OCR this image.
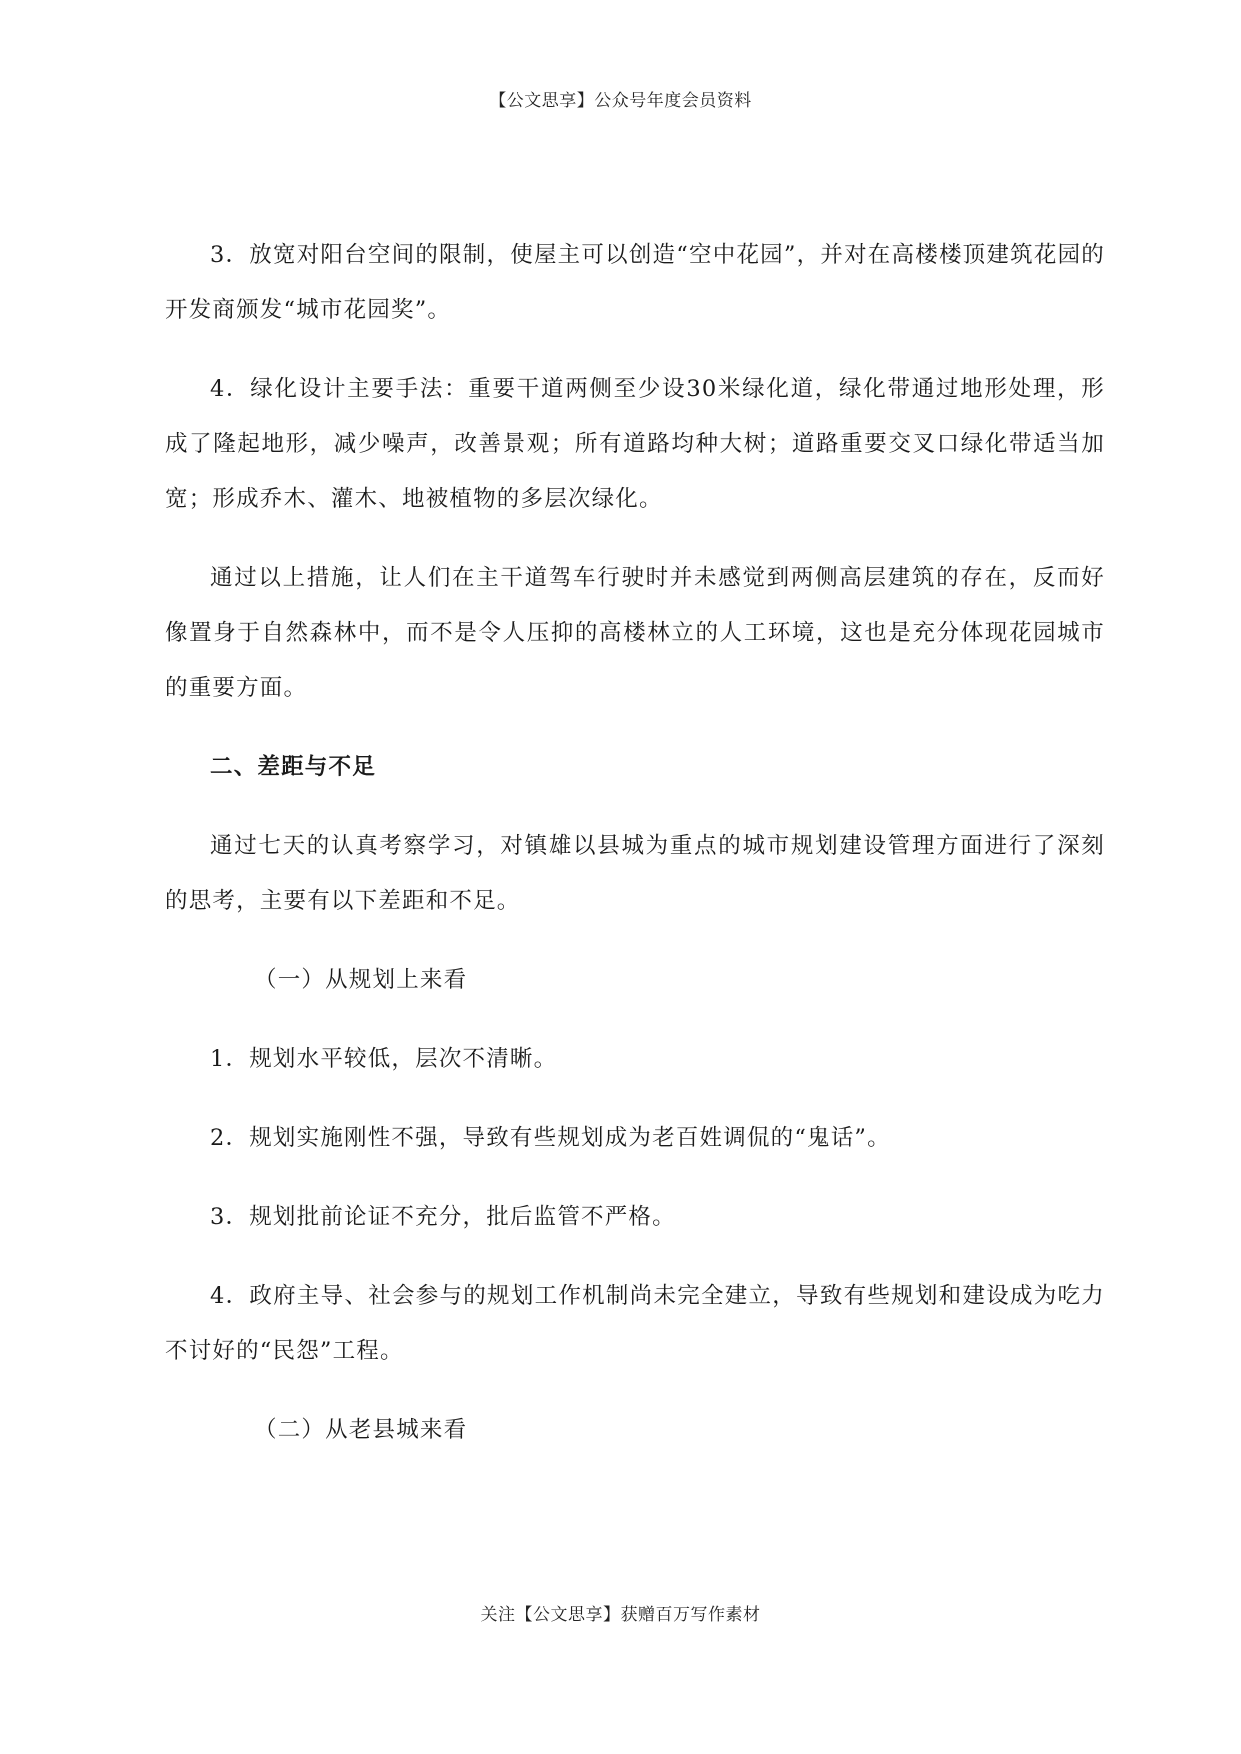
【公文思享】公众号年度会员资料

3．放宽对阳台空间的限制，使屋主可以创造“空中花园”，并对在高楼楼顶建筑花园的开发商颁发“城市花园奖”。

4．绿化设计主要手法：重要干道两侧至少设30米绿化道，绿化带通过地形处理，形成了隆起地形，减少噪声，改善景观；所有道路均种大树；道路重要交叉口绿化带适当加宽；形成乔木、灌木、地被植物的多层次绿化。

通过以上措施，让人们在主干道驾车行驶时并未感觉到两侧高层建筑的存在，反而好像置身于自然森林中，而不是令人压抑的高楼林立的人工环境，这也是充分体现花园城市的重要方面。

二、差距与不足

通过七天的认真考察学习，对镇雄以县城为重点的城市规划建设管理方面进行了深刻的思考，主要有以下差距和不足。

（一）从规划上来看

1．规划水平较低，层次不清晰。

2．规划实施刚性不强，导致有些规划成为老百姓调侃的“鬼话”。

3．规划批前论证不充分，批后监管不严格。

4．政府主导、社会参与的规划工作机制尚未完全建立，导致有些规划和建设成为吃力不讨好的“民怨”工程。

（二）从老县城来看

关注【公文思享】获赠百万写作素材
